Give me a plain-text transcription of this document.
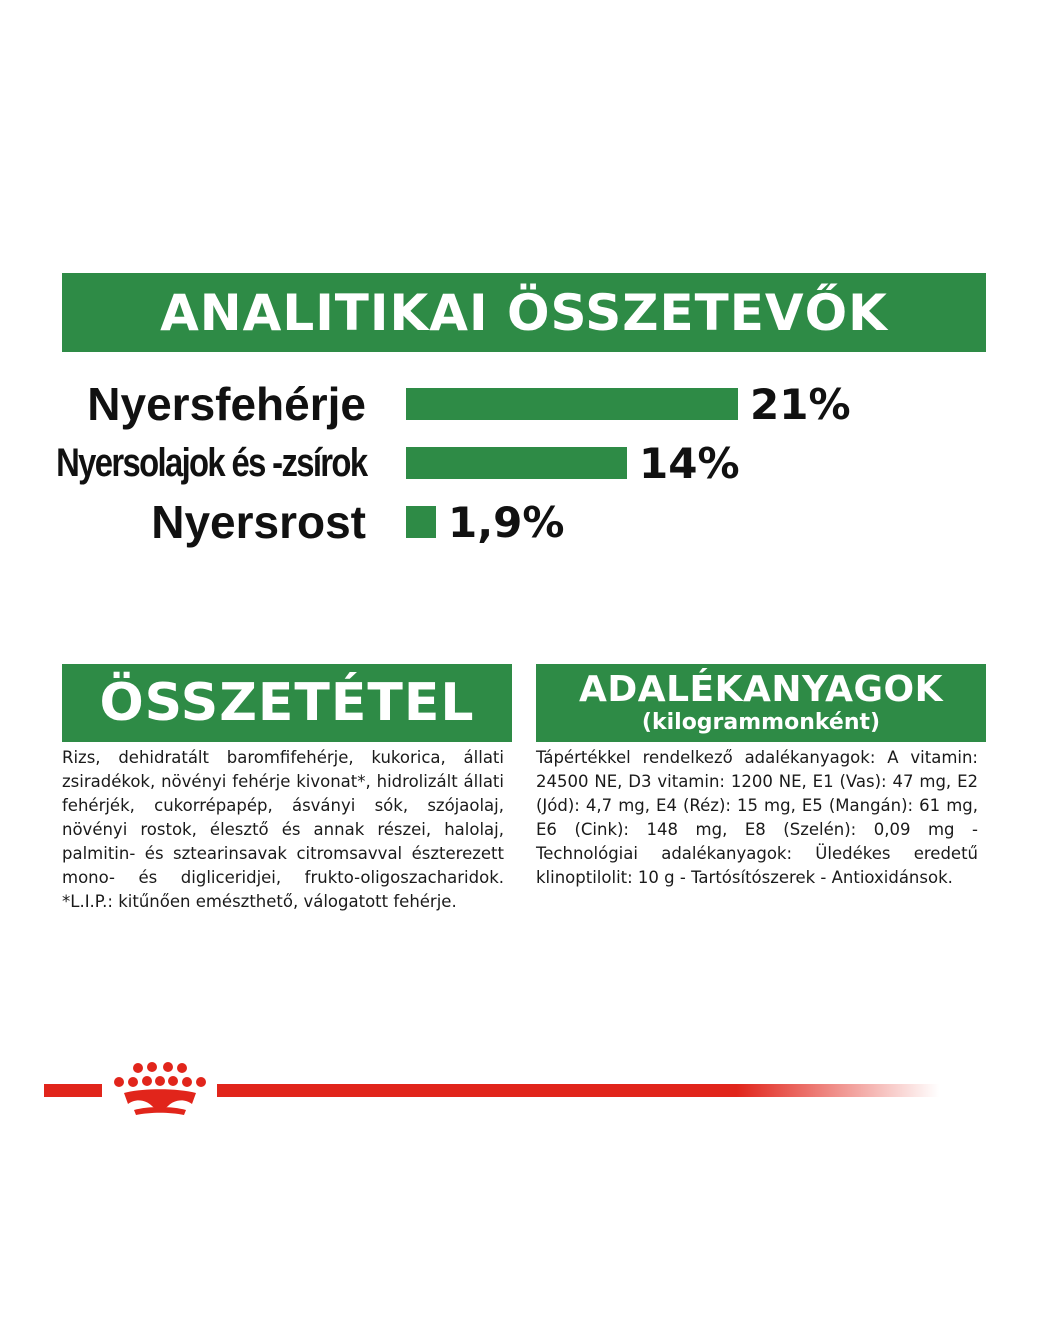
ANALITIKAI ÖSSZETEVŐK
Nyersfehérje	21%
Nyersolajok és -zsírok	14%
Nyersrost 1,9%
ÖSSZETÉTEL	ADALÉKANYAGOK
(kilogrammonként)

Rizs, dehidratált baromfifehérje, kukorica, állati zsiradékok, növényi fehérje kivonat*, hidrolizált állati fehérjék, cukorrépapép, ásványi sók, szójaolaj, növényi rostok, élesztő és annak részei, halolaj, palmitin- és sztearinsavak citromsavval észterezett mono- és digliceridjei, frukto-oligoszacharidok. *L.I.P.: kitűnően emészthető, válogatott fehérje.

Tápértékkel rendelkező adalékanyagok: A vitamin: 24500 NE, D3 vitamin: 1200 NE, E1 (Vas): 47 mg, E2 (Jód): 4,7 mg, E4 (Réz): 15 mg, E5 (Mangán): 61 mg, E6 (Cink): 148 mg, E8 (Szelén): 0,09 mg - Technológiai adalékanyagok: Üledékes eredetű klinoptilolit: 10 g - Tartósítószerek - Antioxidánsok.
